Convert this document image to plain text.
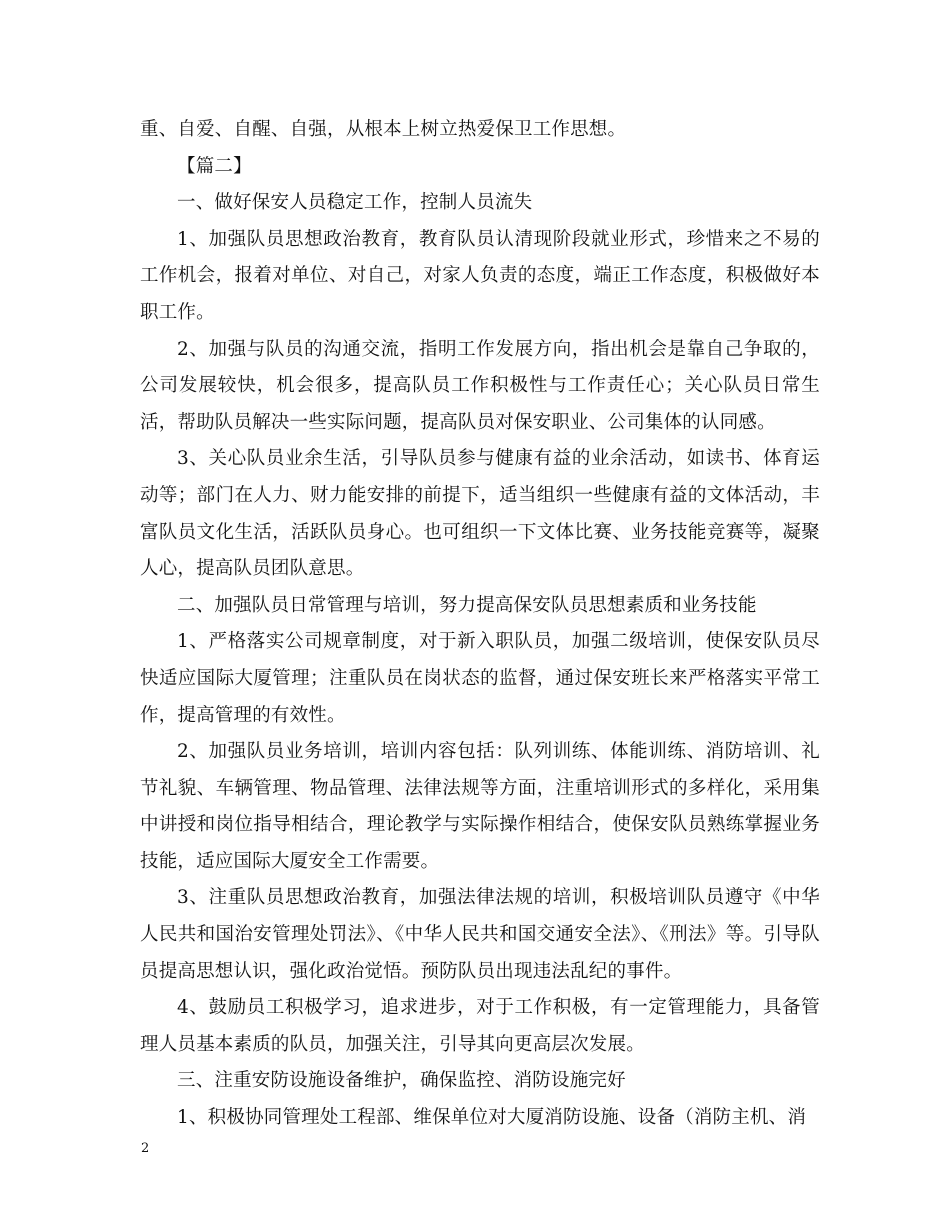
重、自爱、自醒、自强，从根本上树立热爱保卫工作思想。

【篇二】

一、做好保安人员稳定工作，控制人员流失

1、加强队员思想政治教育，教育队员认清现阶段就业形式，珍惜来之不易的工作机会，报着对单位、对自己，对家人负责的态度，端正工作态度，积极做好本职工作。

2、加强与队员的沟通交流，指明工作发展方向，指出机会是靠自己争取的，公司发展较快，机会很多，提高队员工作积极性与工作责任心；关心队员日常生活，帮助队员解决一些实际问题，提高队员对保安职业、公司集体的认同感。

3、关心队员业余生活，引导队员参与健康有益的业余活动，如读书、体育运动等；部门在人力、财力能安排的前提下，适当组织一些健康有益的文体活动，丰富队员文化生活，活跃队员身心。也可组织一下文体比赛、业务技能竞赛等，凝聚人心，提高队员团队意思。

二、加强队员日常管理与培训，努力提高保安队员思想素质和业务技能

1、严格落实公司规章制度，对于新入职队员，加强二级培训，使保安队员尽快适应国际大厦管理；注重队员在岗状态的监督，通过保安班长来严格落实平常工作，提高管理的有效性。

2、加强队员业务培训，培训内容包括：队列训练、体能训练、消防培训、礼节礼貌、车辆管理、物品管理、法律法规等方面，注重培训形式的多样化，采用集中讲授和岗位指导相结合，理论教学与实际操作相结合，使保安队员熟练掌握业务技能，适应国际大厦安全工作需要。

3、注重队员思想政治教育，加强法律法规的培训，积极培训队员遵守《中华人民共和国治安管理处罚法》、《中华人民共和国交通安全法》、《刑法》等。引导队员提高思想认识，强化政治觉悟。预防队员出现违法乱纪的事件。

4、鼓励员工积极学习，追求进步，对于工作积极，有一定管理能力，具备管理人员基本素质的队员，加强关注，引导其向更高层次发展。

三、注重安防设施设备维护，确保监控、消防设施完好

1、积极协同管理处工程部、维保单位对大厦消防设施、设备（消防主机、消

2
